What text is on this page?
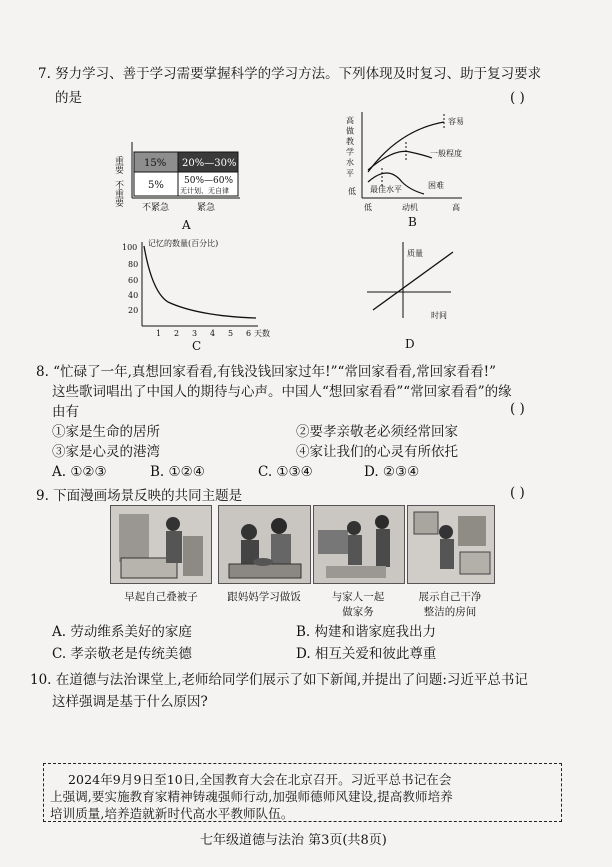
7. 努力学习、善于学习需要掌握科学的学习方法。下列体现及时复习、助于复习要求
的是	( )
重要
不重要
15% 20%—30%
5% 50%—60%
无计划、无自律
不紧急	紧急
A
高 做 教 学 水 平
低
容易
一般程度
困难
最佳水平
低	动机	高
B
记忆的数量(百分比)
100
80
60
40
20
1 2 3 4 5 6 天数
C
质量
时间
D
8. “忙碌了一年,真想回家看看,有钱没钱回家过年!”“常回家看看,常回家看看!”
这些歌词唱出了中国人的期待与心声。中国人“想回家看看”“常回家看看”的缘
由有	( )
①家是生命的居所	②要孝亲敬老必须经常回家
③家是心灵的港湾	④家让我们的心灵有所依托
A. ①②③	B. ①②④	C. ①③④	D. ②③④
9. 下面漫画场景反映的共同主题是	( )
早起自己叠被子	跟妈妈学习做饭	与家人一起
做家务
展示自己干净
整洁的房间
A. 劳动维系美好的家庭	B. 构建和谐家庭我出力
C. 孝亲敬老是传统美德	D. 相互关爱和彼此尊重
10. 在道德与法治课堂上,老师给同学们展示了如下新闻,并提出了问题:习近平总书记
这样强调是基于什么原因?
2024年9月9日至10日,全国教育大会在北京召开。习近平总书记在会
上强调,要实施教育家精神铸魂强师行动,加强师德师风建设,提高教师培养
培训质量,培养造就新时代高水平教师队伍。
七年级道德与法治 第3页(共8页)
